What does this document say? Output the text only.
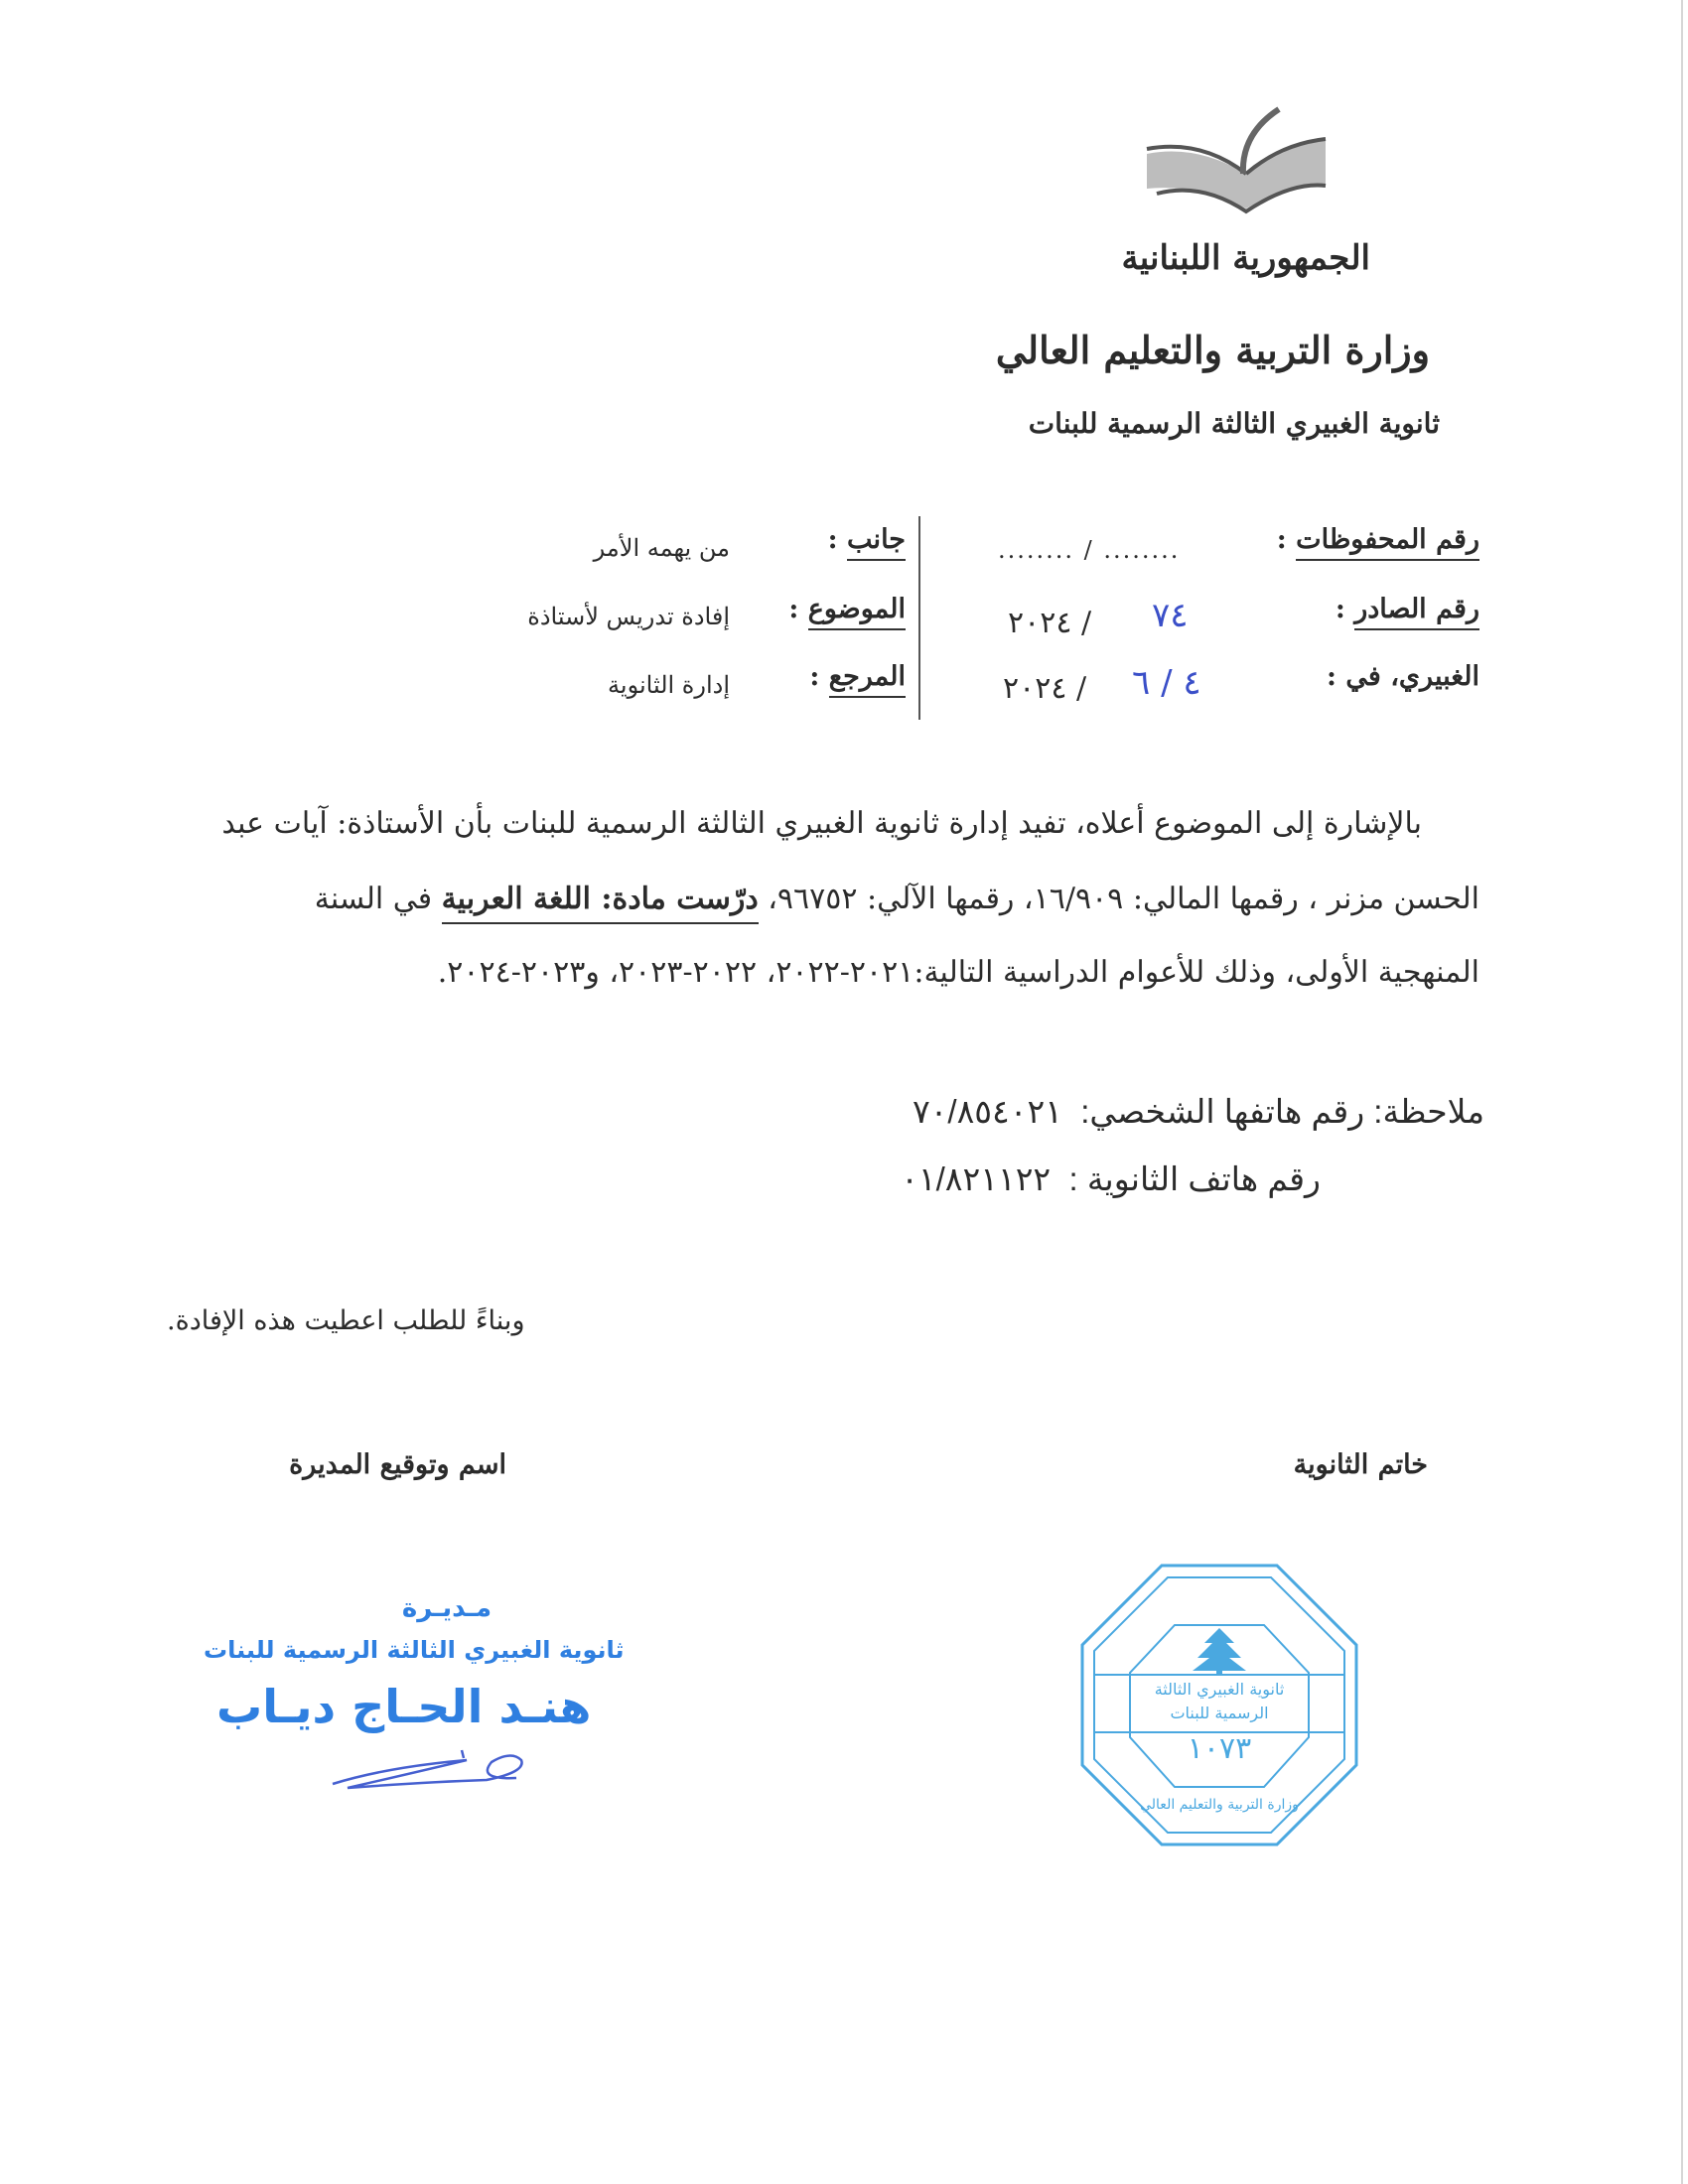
الجمهورية اللبنانية
وزارة التربية والتعليم العالي
ثانوية الغبيري الثالثة الرسمية للبنات
رقم المحفوظات :
........ / ........
رقم الصادر :
٢٠٢٤ / ٧٤
الغبيري، في :
٢٠٢٤ / ٤ / ٦
جانب :
من يهمه الأمر
الموضوع :
إفادة تدريس لأستاذة
المرجع :
إدارة الثانوية
بالإشارة إلى الموضوع أعلاه، تفيد إدارة ثانوية الغبيري الثالثة الرسمية للبنات بأن الأستاذة: آيات عبد
الحسن مزنر ، رقمها المالي: ١٦/٩٠٩، رقمها الآلي: ٩٦٧٥٢، درّست مادة: اللغة العربية في السنة
المنهجية الأولى، وذلك للأعوام الدراسية التالية:٢٠٢١-٢٠٢٢، ٢٠٢٢-٢٠٢٣، و٢٠٢٣-٢٠٢٤.
ملاحظة: رقم هاتفها الشخصي:  ٧٠/٨٥٤٠٢١
رقم هاتف الثانوية :  ٠١/٨٢١١٢٢
وبناءً للطلب اعطيت هذه الإفادة.
خاتم الثانوية
اسم وتوقيع المديرة
مـديـرة
ثانوية الغبيري الثالثة الرسمية للبنات
هنـد الحـاج ديـاب	ثانوية الغبيري الثالثة
الرسمية للبنات
١٠٧٣
وزارة التربية والتعليم العالي
